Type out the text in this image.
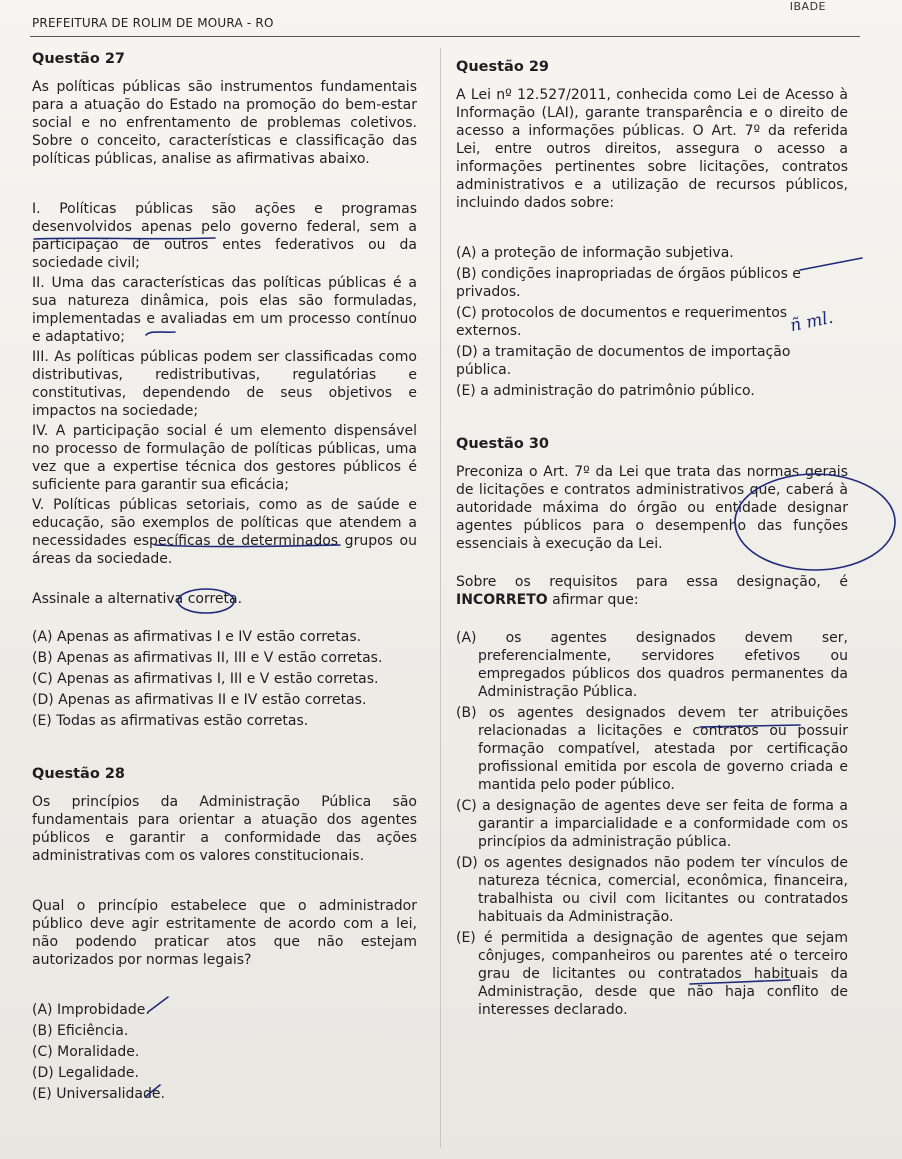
PREFEITURA DE ROLIM DE MOURA - RO
IBADE
Questão 27

As políticas públicas são instrumentos fundamentais para a atuação do Estado na promoção do bem-estar social e no enfrentamento de problemas coletivos. Sobre o conceito, características e classificação das políticas públicas, analise as afirmativas abaixo.

I. Políticas públicas são ações e programas desenvolvidos apenas pelo governo federal, sem a participação de outros entes federativos ou da sociedade civil;

II. Uma das características das políticas públicas é a sua natureza dinâmica, pois elas são formuladas, implementadas e avaliadas em um processo contínuo e adaptativo;

III. As políticas públicas podem ser classificadas como distributivas, redistributivas, regulatórias e constitutivas, dependendo de seus objetivos e impactos na sociedade;

IV. A participação social é um elemento dispensável no processo de formulação de políticas públicas, uma vez que a expertise técnica dos gestores públicos é suficiente para garantir sua eficácia;

V. Políticas públicas setoriais, como as de saúde e educação, são exemplos de políticas que atendem a necessidades específicas de determinados grupos ou áreas da sociedade.

Assinale a alternativa correta.

(A) Apenas as afirmativas I e IV estão corretas.

(B) Apenas as afirmativas II, III e V estão corretas.

(C) Apenas as afirmativas I, III e V estão corretas.

(D) Apenas as afirmativas II e IV estão corretas.

(E) Todas as afirmativas estão corretas.

Questão 28

Os princípios da Administração Pública são fundamentais para orientar a atuação dos agentes públicos e garantir a conformidade das ações administrativas com os valores constitucionais.

Qual o princípio estabelece que o administrador público deve agir estritamente de acordo com a lei, não podendo praticar atos que não estejam autorizados por normas legais?

(A) Improbidade.

(B) Eficiência.

(C) Moralidade.

(D) Legalidade.

(E) Universalidade.

Questão 29

A Lei nº 12.527/2011, conhecida como Lei de Acesso à Informação (LAI), garante transparência e o direito de acesso a informações públicas. O Art. 7º da referida Lei, entre outros direitos, assegura o acesso a informações pertinentes sobre licitações, contratos administrativos e a utilização de recursos públicos, incluindo dados sobre:

(A) a proteção de informação subjetiva.

(B) condições inapropriadas de órgãos públicos e privados.

(C) protocolos de documentos e requerimentos externos.

(D) a tramitação de documentos de importação pública.

(E) a administração do patrimônio público.

Questão 30

Preconiza o Art. 7º da Lei que trata das normas gerais de licitações e contratos administrativos que, caberá à autoridade máxima do órgão ou entidade designar agentes públicos para o desempenho das funções essenciais à execução da Lei.

Sobre os requisitos para essa designação, é INCORRETO afirmar que:

(A) os agentes designados devem ser, preferencialmente, servidores efetivos ou empregados públicos dos quadros permanentes da Administração Pública.

(B) os agentes designados devem ter atribuições relacionadas a licitações e contratos ou possuir formação compatível, atestada por certificação profissional emitida por escola de governo criada e mantida pelo poder público.

(C) a designação de agentes deve ser feita de forma a garantir a imparcialidade e a conformidade com os princípios da administração pública.

(D) os agentes designados não podem ter vínculos de natureza técnica, comercial, econômica, financeira, trabalhista ou civil com licitantes ou contratados habituais da Administração.

(E) é permitida a designação de agentes que sejam cônjuges, companheiros ou parentes até o terceiro grau de licitantes ou contratados habituais da Administração, desde que não haja conflito de interesses declarado.

ñ ml.
